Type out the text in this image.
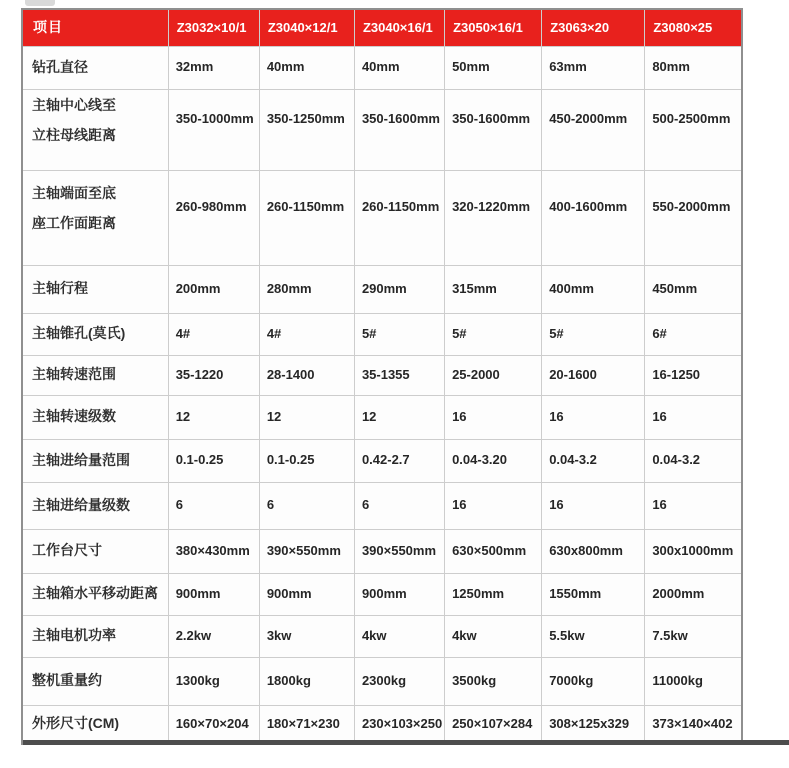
项目	Z3032×10/1	Z3040×12/1	Z3040×16/1	Z3050×16/1	Z3063×20	Z3080×25
钻孔直径	32mm	40mm	40mm	50mm	63mm	80mm
主轴中心线至
立柱母线距离	350-1000mm	350-1250mm	350-1600mm	350-1600mm	450-2000mm	500-2500mm
主轴端面至底
座工作面距离	260-980mm	260-1150mm	260-1150mm	320-1220mm	400-1600mm	550-2000mm
主轴行程	200mm	280mm	290mm	315mm	400mm	450mm
主轴锥孔(莫氏)	4#	4#	5#	5#	5#	6#
主轴转速范围	35-1220	28-1400	35-1355	25-2000	20-1600	16-1250
主轴转速级数	12	12	12	16	16	16
主轴进给量范围	0.1-0.25	0.1-0.25	0.42-2.7	0.04-3.20	0.04-3.2	0.04-3.2
主轴进给量级数	6	6	6	16	16	16
工作台尺寸	380×430mm	390×550mm	390×550mm	630×500mm	630x800mm	300x1000mm
主轴箱水平移动距离	900mm	900mm	900mm	1250mm	1550mm	2000mm
主轴电机功率	2.2kw	3kw	4kw	4kw	5.5kw	7.5kw
整机重量约	1300kg	1800kg	2300kg	3500kg	7000kg	11000kg
外形尺寸(CM)	160×70×204	180×71×230	230×103×250	250×107×284	308×125x329	373×140×402
